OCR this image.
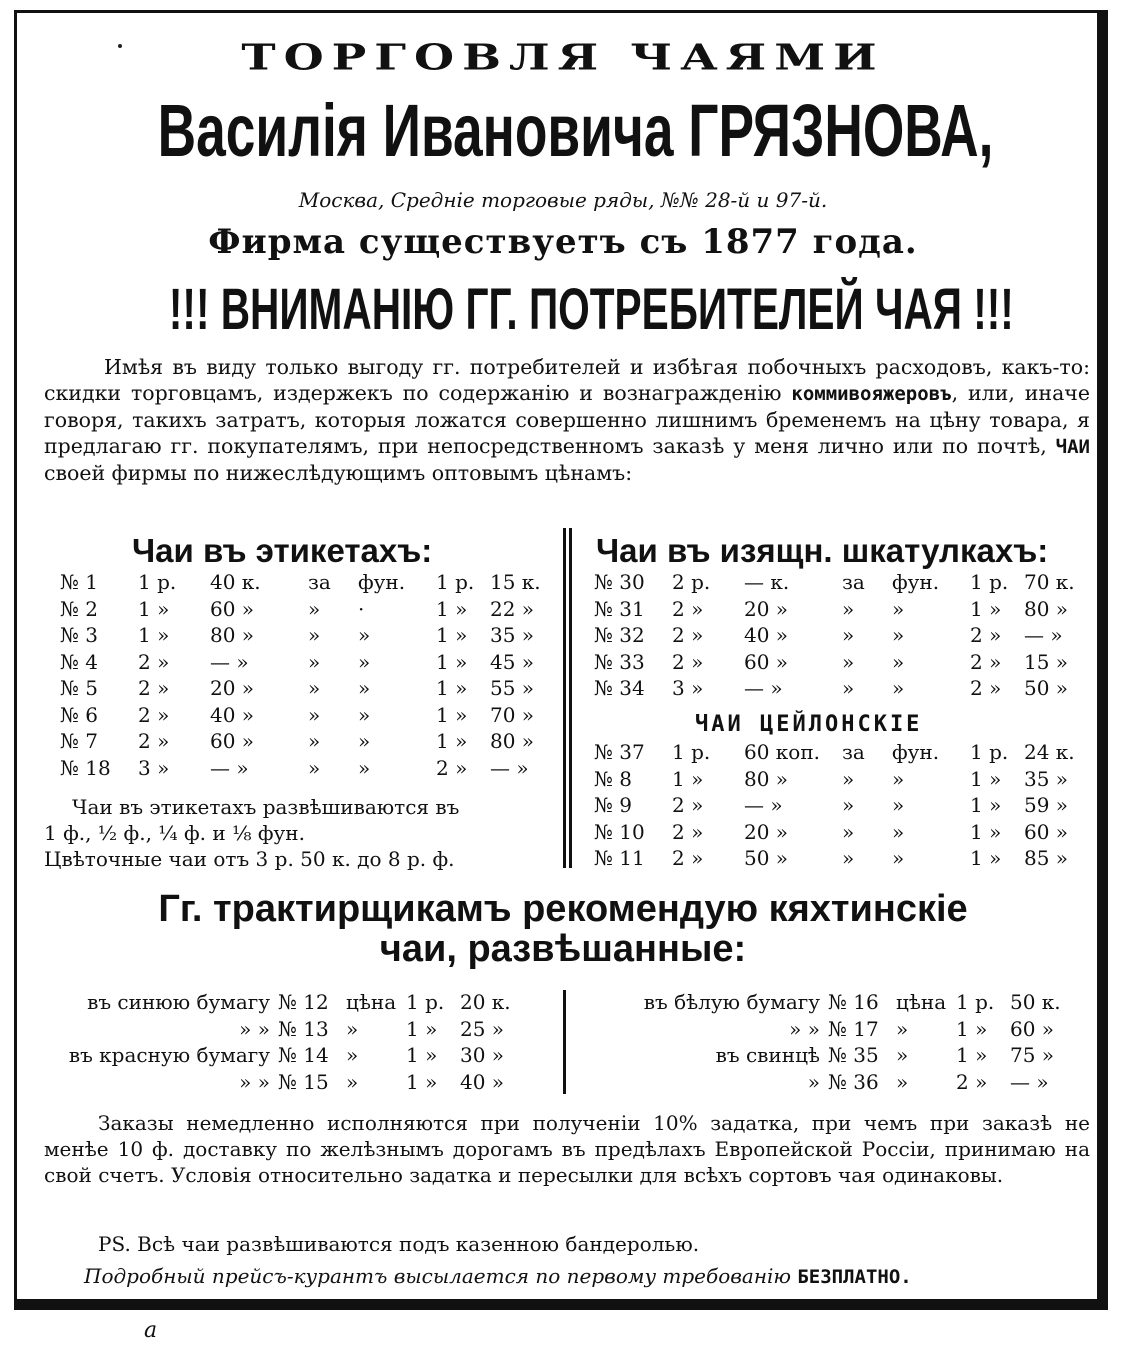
ТОРГОВЛЯ ЧАЯМИ
Василія Ивановича ГРЯЗНОВА,
Москва, Средніе торговые ряды, №№ 28-й и 97-й.
Фирма существуетъ съ 1877 года.
!!! ВНИМАНІЮ ГГ. ПОТРЕБИТЕЛЕЙ ЧАЯ !!!
Имѣя въ виду только выгоду гг. потребителей и избѣгая побочныхъ расходовъ, какъ-то: скидки торговцамъ, издержекъ по содержанію и вознагражденію коммивояжеровъ, или, иначе говоря, такихъ затратъ, которыя ложатся совершенно лишнимъ бременемъ на цѣну товара, я предлагаю гг. покупателямъ, при непосредственномъ заказѣ у меня лично или по почтѣ, ЧАИ своей фирмы по нижеслѣдующимъ оптовымъ цѣнамъ:
Чаи въ этикетахъ:	Чаи въ изящн. шкатулкахъ:
№ 1 1 р. 40 к. за фун. 1 р. 15 к.
№ 2 1 » 60 »	» ·	1 » 22 »
№ 3 1 » 80 »	» »	1 » 35 »
№ 4 2 » — »	» »	1 » 45 »
№ 5 2 » 20 »	» »	1 » 55 »
№ 6 2 » 40 »	» »	1 » 70 »
№ 7 2 » 60 »	» »	1 » 80 »
№ 18 3 » — »	» »	2 » — »
№ 30 2 р. — к.	за фун. 1 р. 70 к.
№ 31 2 » 20 »	» »	1 » 80 »
№ 32 2 » 40 »	» »	2 » — »
№ 33 2 » 60 »	» »	2 » 15 »
№ 34 3 » — »	» »	2 » 50 »
ЧАИ ЦЕЙЛОНСКІЕ
№ 37 1 р. 60 коп. за фун. 1 р. 24 к.
№ 8 1 » 80 »	» »	1 » 35 »
№ 9 2 » — »	» »	1 » 59 »
№ 10 2 » 20 »	» »	1 » 60 »
№ 11 2 » 50 »	» »	1 » 85 »
Чаи въ этикетахъ развѣшиваются въ
1 ф., ½ ф., ¼ ф. и ⅛ фун.
Цвѣточные чаи отъ 3 р. 50 к. до 8 р. ф.
Гг. трактирщикамъ рекомендую кяхтинскіе
чаи, развѣшанные:
въ синюю бумагу № 12 цѣна 1 р. 20 к.
» » № 13 » 1 » 25 »
въ красную бумагу № 14 » 1 » 30 »
» » № 15 » 1 » 40 »
въ бѣлую бумагу № 16 цѣна 1 р. 50 к.
» » № 17 » 1 » 60 »
въ свинцѣ № 35 » 1 » 75 »
» № 36 » 2 » — »
Заказы немедленно исполняются при полученіи 10% задатка, при чемъ при заказѣ не менѣе 10 ф. доставку по желѣзнымъ дорогамъ въ предѣлахъ Европейской Россіи, принимаю на свой счетъ. Условія относительно задатка и пересылки для всѣхъ сортовъ чая одинаковы.
PS. Всѣ чаи развѣшиваются подъ казенною бандеролью.
Подробный прейсъ-курантъ высылается по первому требованію БЕЗПЛАТНО.
а
